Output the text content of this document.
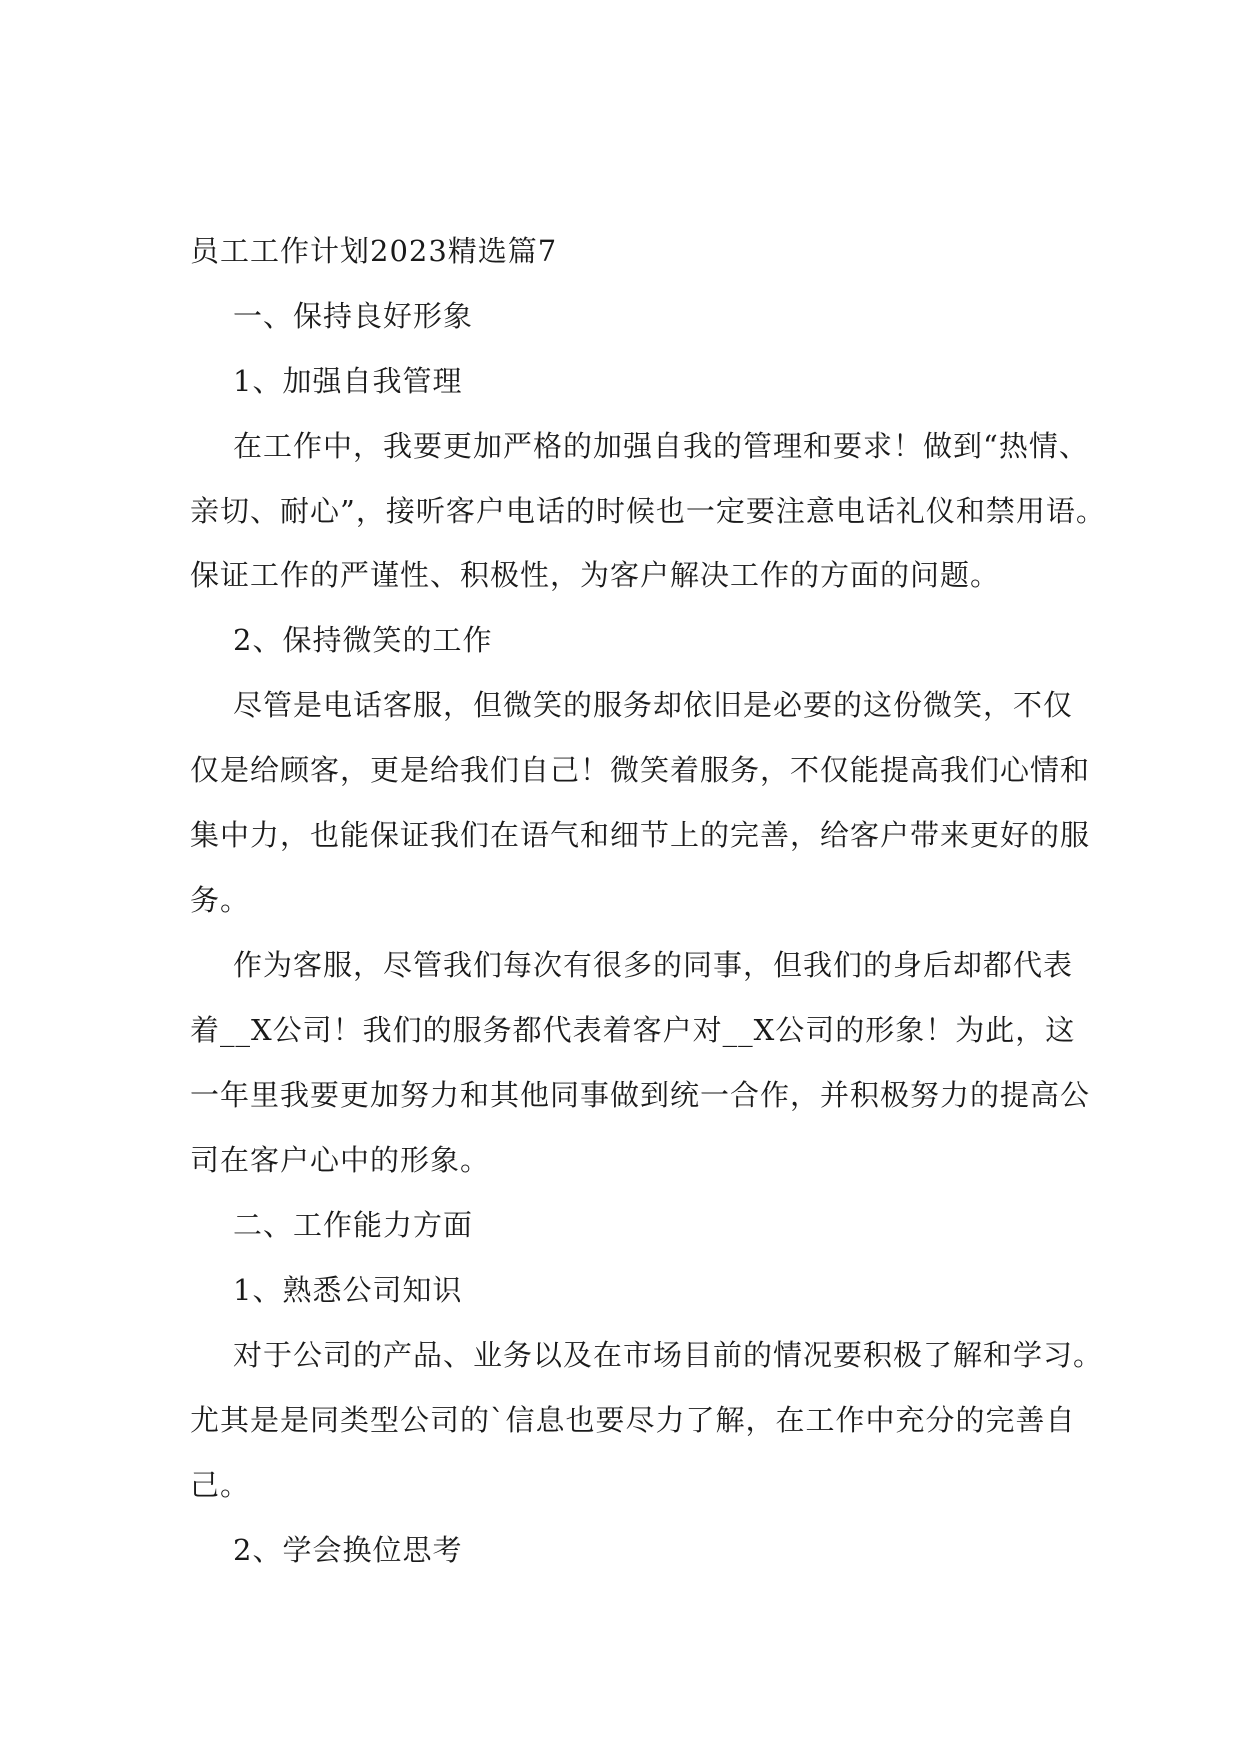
员工工作计划2023精选篇7
一、保持良好形象
1、加强自我管理
在工作中，我要更加严格的加强自我的管理和要求！做到“热情、
亲切、耐心”，接听客户电话的时候也一定要注意电话礼仪和禁用语。
保证工作的严谨性、积极性，为客户解决工作的方面的问题。
2、保持微笑的工作
尽管是电话客服，但微笑的服务却依旧是必要的这份微笑，不仅
仅是给顾客，更是给我们自己！微笑着服务，不仅能提高我们心情和
集中力，也能保证我们在语气和细节上的完善，给客户带来更好的服
务。
作为客服，尽管我们每次有很多的同事，但我们的身后却都代表
着__X公司！我们的服务都代表着客户对__X公司的形象！为此，这
一年里我要更加努力和其他同事做到统一合作，并积极努力的提高公
司在客户心中的形象。
二、工作能力方面
1、熟悉公司知识
对于公司的产品、业务以及在市场目前的情况要积极了解和学习。
尤其是是同类型公司的`信息也要尽力了解，在工作中充分的完善自
己。
2、学会换位思考
